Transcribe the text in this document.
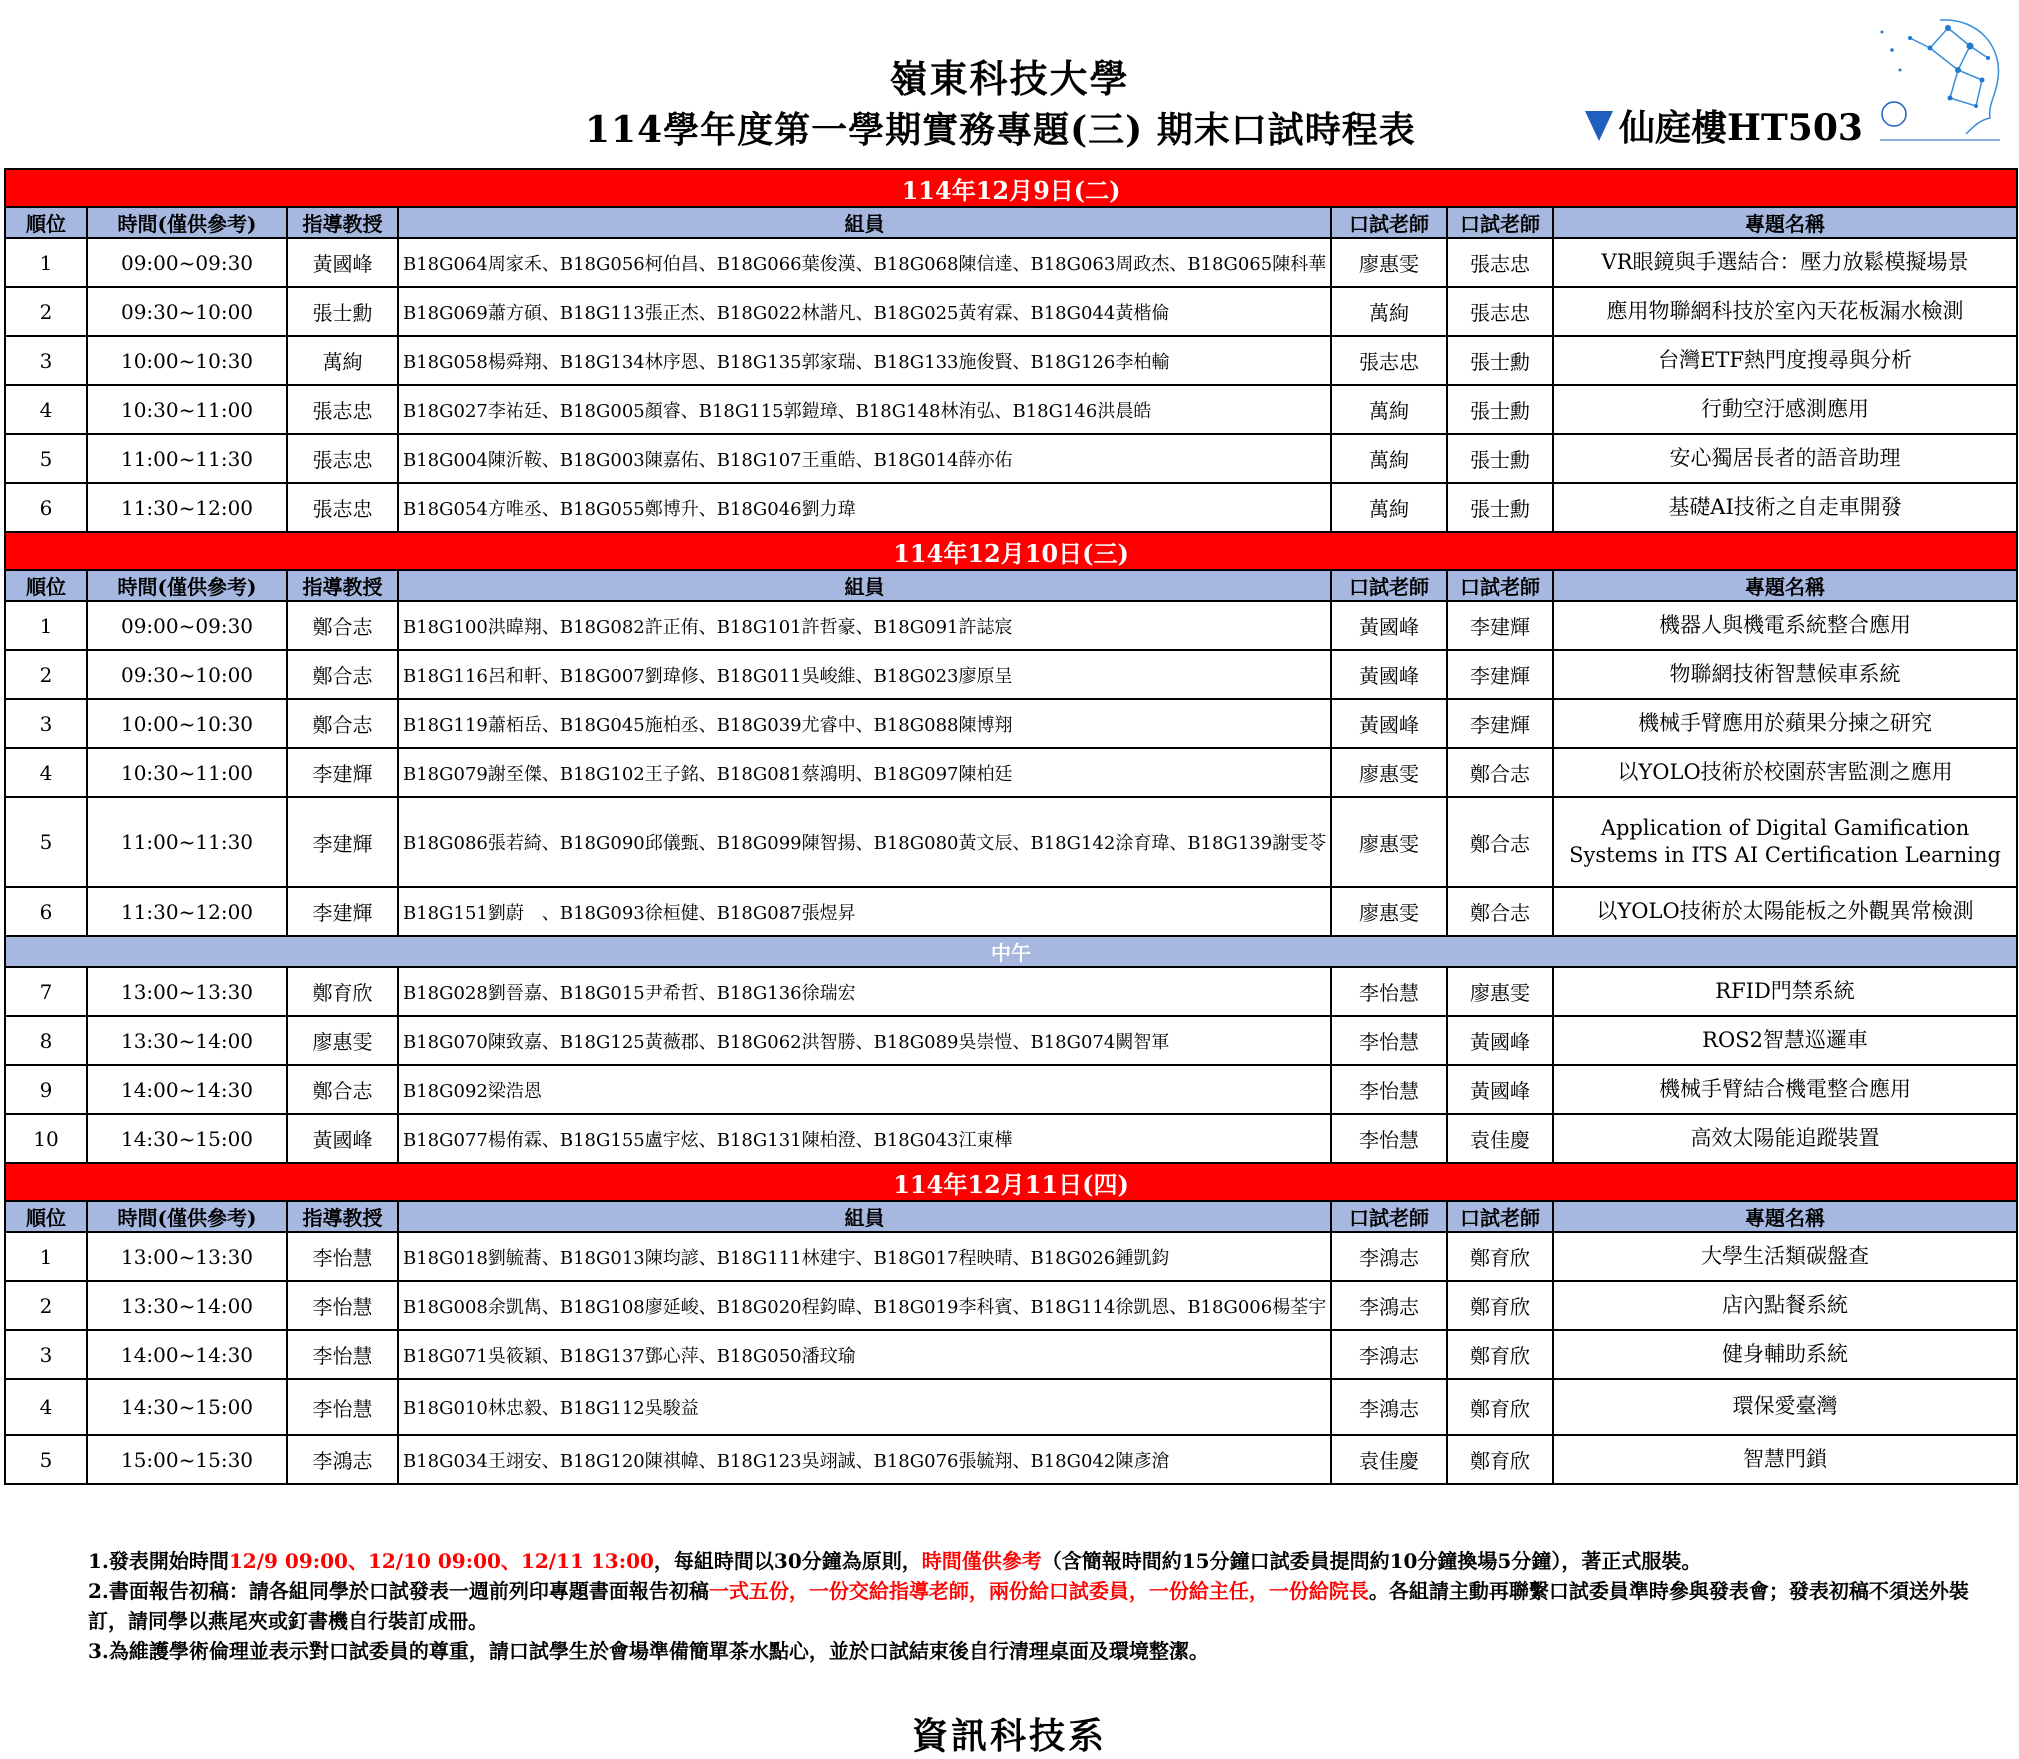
嶺東科技大學
114學年度第一學期實務專題(三) 期末口試時程表	仙庭樓HT503
114年12月9日(二)						
順位	時間(僅供參考)	指導教授	組員	口試老師	口試老師	專題名稱
1	09:00~09:30	黃國峰	B18G064周家禾、B18G056柯伯昌、B18G066葉俊漢、B18G068陳信達、B18G063周政杰、B18G065陳科華	廖惠雯	張志忠	VR眼鏡與手選結合：壓力放鬆模擬場景
2	09:30~10:00	張士勳	B18G069蕭方碩、B18G113張正杰、B18G022林諧凡、B18G025黃宥霖、B18G044黃楷倫	萬絢	張志忠	應用物聯網科技於室內天花板漏水檢測
3	10:00~10:30	萬絢	B18G058楊舜翔、B18G134林序恩、B18G135郭家瑞、B18G133施俊賢、B18G126李柏輸	張志忠	張士勳	台灣ETF熱門度搜尋與分析
4	10:30~11:00	張志忠	B18G027李祐廷、B18G005顏睿、B18G115郭鎧璋、B18G148林洧弘、B18G146洪晨皓	萬絢	張士勳	行動空汙感測應用
5	11:00~11:30	張志忠	B18G004陳沂鞍、B18G003陳嘉佑、B18G107王重皓、B18G014薛亦佑	萬絢	張士勳	安心獨居長者的語音助理
6	11:30~12:00	張志忠	B18G054方唯丞、B18G055鄭博升、B18G046劉力瑋	萬絢	張士勳	基礎AI技術之自走車開發
114年12月10日(三)						
順位	時間(僅供參考)	指導教授	組員	口試老師	口試老師	專題名稱
1	09:00~09:30	鄭合志	B18G100洪暐翔、B18G082許正侑、B18G101許哲豪、B18G091許誌宸	黃國峰	李建輝	機器人與機電系統整合應用
2	09:30~10:00	鄭合志	B18G116呂和軒、B18G007劉瑋修、B18G011吳峻維、B18G023廖原呈	黃國峰	李建輝	物聯網技術智慧候車系統
3	10:00~10:30	鄭合志	B18G119蕭栢岳、B18G045施柏丞、B18G039尤睿中、B18G088陳博翔	黃國峰	李建輝	機械手臂應用於蘋果分揀之研究
4	10:30~11:00	李建輝	B18G079謝至傑、B18G102王子銘、B18G081蔡鴻明、B18G097陳柏廷	廖惠雯	鄭合志	以YOLO技術於校園菸害監測之應用
5	11:00~11:30	李建輝	B18G086張若綺、B18G090邱儀甄、B18G099陳智揚、B18G080黃文辰、B18G142涂育瑋、B18G139謝雯苓	廖惠雯	鄭合志	Application of Digital Gamification Systems in ITS AI Certification Learning
6	11:30~12:00	李建輝	B18G151劉蔚　、B18G093徐桓健、B18G087張煜昇	廖惠雯	鄭合志	以YOLO技術於太陽能板之外觀異常檢測
中午						
7	13:00~13:30	鄭育欣	B18G028劉晉嘉、B18G015尹希哲、B18G136徐瑞宏	李怡慧	廖惠雯	RFID門禁系統
8	13:30~14:00	廖惠雯	B18G070陳致嘉、B18G125黃薇郡、B18G062洪智勝、B18G089吳崇愷、B18G074闕智軍	李怡慧	黃國峰	ROS2智慧巡邏車
9	14:00~14:30	鄭合志	B18G092梁浩恩	李怡慧	黃國峰	機械手臂結合機電整合應用
10	14:30~15:00	黃國峰	B18G077楊侑霖、B18G155盧宇炫、B18G131陳柏澄、B18G043江東樺	李怡慧	袁佳慶	高效太陽能追蹤裝置
114年12月11日(四)						
順位	時間(僅供參考)	指導教授	組員	口試老師	口試老師	專題名稱
1	13:00~13:30	李怡慧	B18G018劉毓蕎、B18G013陳均諺、B18G111林建宇、B18G017程映晴、B18G026鍾凱鈞	李鴻志	鄭育欣	大學生活類碳盤查
2	13:30~14:00	李怡慧	B18G008余凱雋、B18G108廖延峻、B18G020程鈞暐、B18G019李科賓、B18G114徐凱恩、B18G006楊荃宇	李鴻志	鄭育欣	店內點餐系統
3	14:00~14:30	李怡慧	B18G071吳筱穎、B18G137鄧心萍、B18G050潘玟瑜	李鴻志	鄭育欣	健身輔助系統
4	14:30~15:00	李怡慧	B18G010林忠毅、B18G112吳駿益	李鴻志	鄭育欣	環保愛臺灣
5	15:00~15:30	李鴻志	B18G034王翊安、B18G120陳祺幃、B18G123吳翊誠、B18G076張毓翔、B18G042陳彥滄	袁佳慶	鄭育欣	智慧門鎖

1.發表開始時間12/9 09:00、12/10 09:00、12/11 13:00，每組時間以30分鐘為原則，時間僅供參考（含簡報時間約15分鐘口試委員提問約10分鐘換場5分鐘），著正式服裝。

2.書面報告初稿：請各組同學於口試發表一週前列印專題書面報告初稿一式五份，一份交給指導老師，兩份給口試委員，一份給主任，一份給院長。各組請主動再聯繫口試委員準時參與發表會；發表初稿不須送外裝訂，請同學以燕尾夾或釘書機自行裝訂成冊。

3.為維護學術倫理並表示對口試委員的尊重，請口試學生於會場準備簡單茶水點心，並於口試結束後自行清理桌面及環境整潔。

資訊科技系
